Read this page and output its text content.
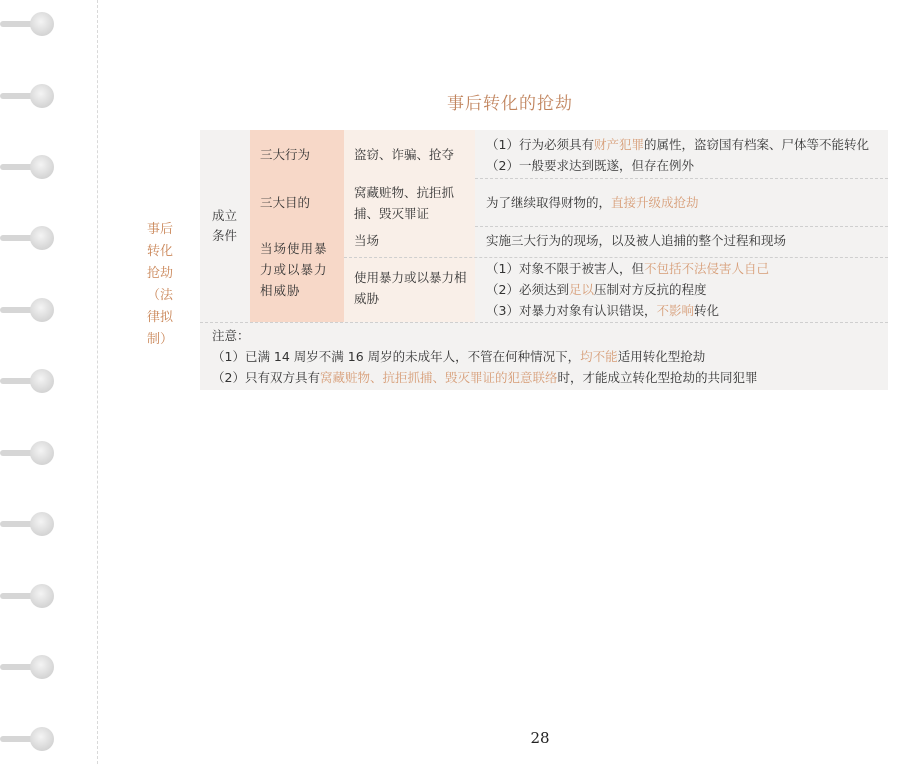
事后转化的抢劫
事后转化抢劫（法律拟制）
成立条件
三大行为	盗窃、诈骗、抢夺
（1）行为必须具有财产犯罪的属性，盗窃国有档案、尸体等不能转化
（2）一般要求达到既遂，但存在例外
三大目的
窝藏赃物、抗拒抓捕、毁灭罪证
为了继续取得财物的，直接升级成抢劫
当场使用暴力或以暴力相威胁
当场	实施三大行为的现场，以及被人追捕的整个过程和现场
使用暴力或以暴力相威胁
（1）对象不限于被害人，但不包括不法侵害人自己
（2）必须达到足以压制对方反抗的程度
（3）对暴力对象有认识错误，不影响转化
注意：
（1）已满 14 周岁不满 16 周岁的未成年人，不管在何种情况下，均不能适用转化型抢劫
（2）只有双方具有窝藏赃物、抗拒抓捕、毁灭罪证的犯意联络时，才能成立转化型抢劫的共同犯罪
28
